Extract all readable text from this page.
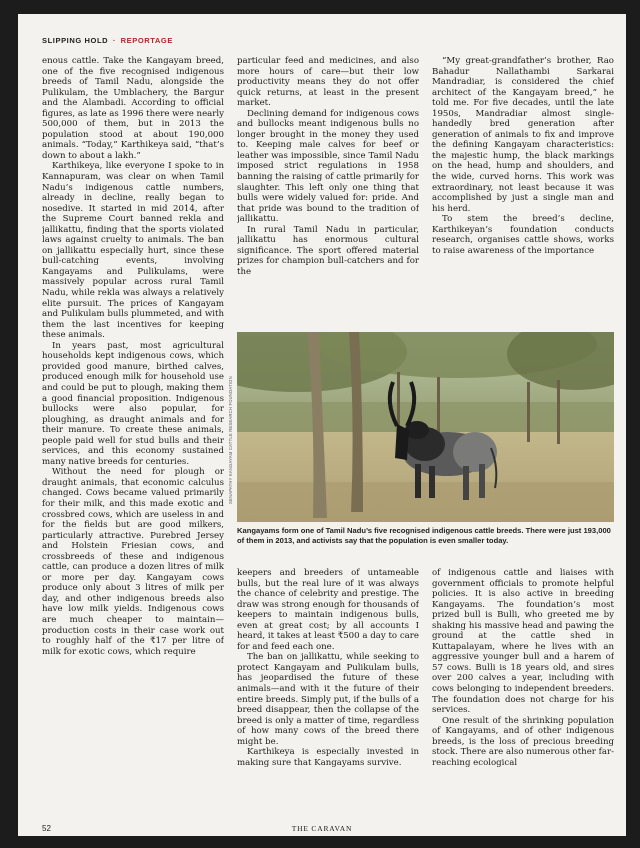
SLIPPING HOLD · REPORTAGE

enous cattle. Take the Kangayam breed, one of the five recognised indigenous breeds of Tamil Nadu, alongside the Pulikulam, the Umblachery, the Bargur and the Alambadi. According to official figures, as late as 1996 there were nearly 500,000 of them, but in 2013 the population stood at about 190,000 animals. “Today,” Karthikeya said, “that’s down to about a lakh.”

Karthikeya, like everyone I spoke to in Kannapuram, was clear on when Tamil Nadu’s indigenous cattle numbers, already in decline, really began to nosedive. It started in mid 2014, after the Supreme Court banned rekla and jallikattu, finding that the sports violated laws against cruelty to animals. The ban on jallikattu especially hurt, since these bull-catching events, involving Kangayams and Pulikulams, were massively popular across rural Tamil Nadu, while rekla was always a relatively elite pursuit. The prices of Kangayam and Pulikulam bulls plummeted, and with them the last incentives for keeping these animals.

In years past, most agricultural households kept indigenous cows, which provided good manure, birthed calves, produced enough milk for household use and could be put to plough, making them a good financial proposition. Indigenous bullocks were also popular, for ploughing, as draught animals and for their manure. To create these animals, people paid well for stud bulls and their services, and this economy sustained many native breeds for centuries.

Without the need for plough or draught animals, that economic calculus changed. Cows became valued primarily for their milk, and this made exotic and crossbred cows, which are useless in and for the fields but are good milkers, particularly attractive. Purebred Jersey and Holstein Friesian cows, and crossbreeds of these and indigenous cattle, can produce a dozen litres of milk or more per day. Kangayam cows produce only about 3 litres of milk per day, and other indigenous breeds also have low milk yields. Indigenous cows are much cheaper to maintain—production costs in their case work out to roughly half of the ₹17 per litre of milk for exotic cows, which require

particular feed and medicines, and also more hours of care—but their low productivity means they do not offer quick returns, at least in the present market.

Declining demand for indigenous cows and bullocks meant indigenous bulls no longer brought in the money they used to. Keeping male calves for beef or leather was impossible, since Tamil Nadu imposed strict regulations in 1958 banning the raising of cattle primarily for slaughter. This left only one thing that bulls were widely valued for: pride. And that pride was bound to the tradition of jallikattu.

In rural Tamil Nadu in particular, jallikattu has enormous cultural significance. The sport offered material prizes for champion bull-catchers and for the

“My great-grandfather’s brother, Rao Bahadur Nallathambi Sarkarai Mandradiar, is considered the chief architect of the Kangayam breed,” he told me. For five decades, until the late 1950s, Mandradiar almost single-handedly bred generation after generation of animals to fix and improve the defining Kangayam characteristics: the majestic hump, the black markings on the head, hump and shoulders, and the wide, curved horns. This work was extraordinary, not least because it was accomplished by just a single man and his herd.

To stem the breed’s decline, Karthikeyan’s foundation conducts research, organises cattle shows, works to raise awareness of the importance

SENAPATHY KANGAYAM CATTLE RESEARCH FOUNDATION
Kangayams form one of Tamil Nadu’s five recognised indigenous cattle breeds. There were just 193,000 of them in 2013, and activists say that the population is even smaller today.

keepers and breeders of untameable bulls, but the real lure of it was always the chance of celebrity and prestige. The draw was strong enough for thousands of keepers to maintain indigenous bulls, even at great cost; by all accounts I heard, it takes at least ₹500 a day to care for and feed each one.

The ban on jallikattu, while seeking to protect Kangayam and Pulikulam bulls, has jeopardised the future of these animals—and with it the future of their entire breeds. Simply put, if the bulls of a breed disappear, then the collapse of the breed is only a matter of time, regardless of how many cows of the breed there might be.

Karthikeya is especially invested in making sure that Kangayams survive.

of indigenous cattle and liaises with government officials to promote helpful policies. It is also active in breeding Kangayams. The foundation’s most prized bull is Bulli, who greeted me by shaking his massive head and pawing the ground at the cattle shed in Kuttapalayam, where he lives with an aggressive younger bull and a harem of 57 cows. Bulli is 18 years old, and sires over 200 calves a year, including with cows belonging to independent breeders. The foundation does not charge for his services.

One result of the shrinking population of Kangayams, and of other indigenous breeds, is the loss of precious breeding stock. There are also numerous other far-reaching ecological

52	THE CARAVAN
